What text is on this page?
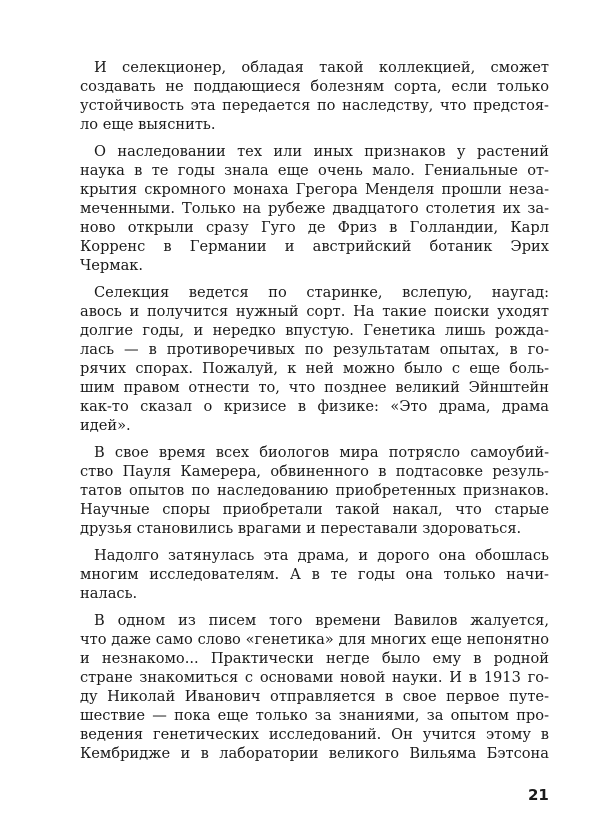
И селекционер, обладая такой коллекцией, сможет
создавать не поддающиеся болезням сорта, если только
устойчивость эта передается по наследству, что предстоя-
ло еще выяснить.
О наследовании тех или иных признаков у растений
наука в те годы знала еще очень мало. Гениальные от-
крытия скромного монаха Грегора Менделя прошли неза-
меченными. Только на рубеже двадцатого столетия их за-
ново открыли сразу Гуго де Фриз в Голландии, Карл
Корренс в Германии и австрийский ботаник Эрих
Чермак.
Селекция ведется по старинке, вслепую, наугад:
авось и получится нужный сорт. На такие поиски уходят
долгие годы, и нередко впустую. Генетика лишь рожда-
лась — в противоречивых по результатам опытах, в го-
рячих спорах. Пожалуй, к ней можно было с еще боль-
шим правом отнести то, что позднее великий Эйнштейн
как-то сказал о кризисе в физике: «Это драма, драма
идей».
В свое время всех биологов мира потрясло самоубий-
ство Пауля Камерера, обвиненного в подтасовке резуль-
татов опытов по наследованию приобретенных признаков.
Научные споры приобретали такой накал, что старые
друзья становились врагами и переставали здороваться.
Надолго затянулась эта драма, и дорого она обошлась
многим исследователям. А в те годы она только начи-
налась.
В одном из писем того времени Вавилов жалуется,
что даже само слово «генетика» для многих еще непонятно
и незнакомо... Практически негде было ему в родной
стране знакомиться с основами новой науки. И в 1913 го-
ду Николай Иванович отправляется в свое первое путе-
шествие — пока еще только за знаниями, за опытом про-
ведения генетических исследований. Он учится этому в
Кембридже и в лаборатории великого Вильяма Бэтсона
21
